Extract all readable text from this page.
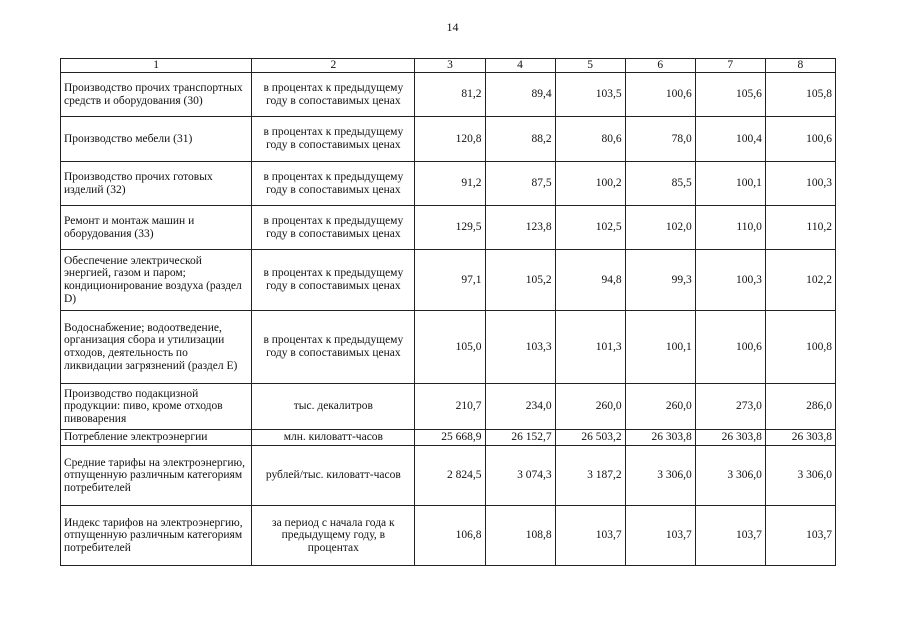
14
1	2	3	4	5	6	7	8
Производство прочих транспортных средств и оборудования (30)	в процентах к предыдущему году в сопоставимых ценах	81,2	89,4	103,5	100,6	105,6	105,8
Производство мебели (31)	в процентах к предыдущему году в сопоставимых ценах	120,8	88,2	80,6	78,0	100,4	100,6
Производство прочих готовых изделий (32)	в процентах к предыдущему году в сопоставимых ценах	91,2	87,5	100,2	85,5	100,1	100,3
Ремонт и монтаж машин и оборудования (33)	в процентах к предыдущему году в сопоставимых ценах	129,5	123,8	102,5	102,0	110,0	110,2
Обеспечение электрической энергией, газом и паром; кондиционирование воздуха (раздел D)	в процентах к предыдущему году в сопоставимых ценах	97,1	105,2	94,8	99,3	100,3	102,2
Водоснабжение; водоотведение, организация сбора и утилизации отходов, деятельность по ликвидации загрязнений (раздел E)	в процентах к предыдущему году в сопоставимых ценах	105,0	103,3	101,3	100,1	100,6	100,8
Производство подакцизной продукции: пиво, кроме отходов пивоварения	тыс. декалитров	210,7	234,0	260,0	260,0	273,0	286,0
Потребление электроэнергии	млн. киловатт-часов	25 668,9	26 152,7	26 503,2	26 303,8	26 303,8	26 303,8
Средние тарифы на электроэнергию, отпущенную различным категориям потребителей	рублей/тыс. киловатт-часов	2 824,5	3 074,3	3 187,2	3 306,0	3 306,0	3 306,0
Индекс тарифов на электроэнергию, отпущенную различным категориям потребителей	за период с начала года к предыдущему году, в процентах	106,8	108,8	103,7	103,7	103,7	103,7
